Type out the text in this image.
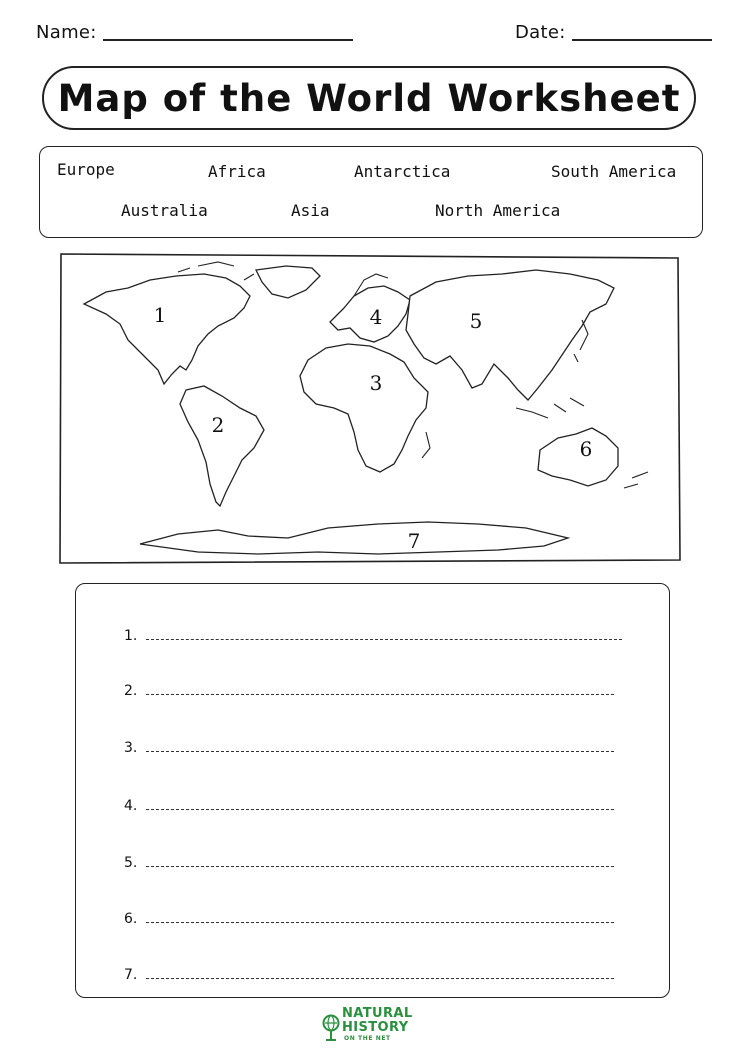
Name:	Date:
Map of the World Worksheet
Europe	Africa	Antarctica	South America
Australia	Asia	North America
1
2
3
4	5
6
7
1.
2.
3.
4.
5.
6.
7.
NATURAL
HISTORY
ON THE NET
